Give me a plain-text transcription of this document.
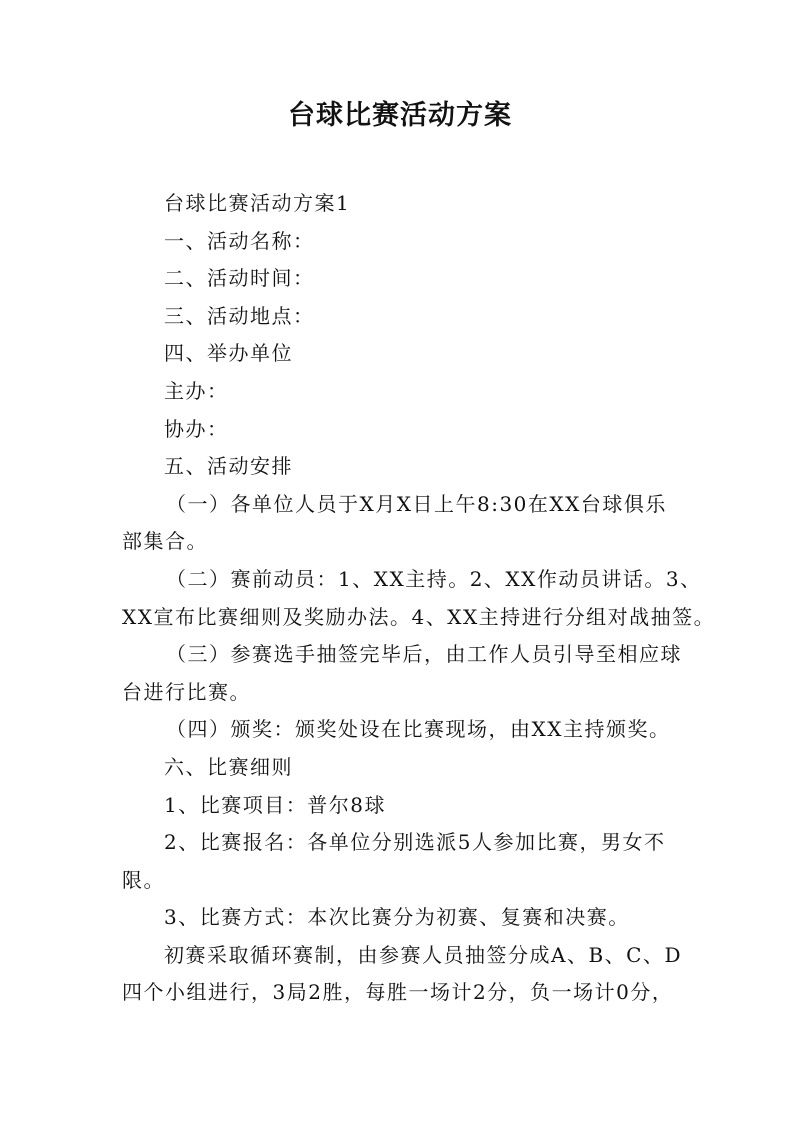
台球比赛活动方案
台球比赛活动方案1
一、活动名称：
二、活动时间：
三、活动地点：
四、举办单位
主办：
协办：
五、活动安排
（一）各单位人员于X月X日上午8:30在XX台球俱乐
部集合。
（二）赛前动员：1、XX主持。2、XX作动员讲话。3、
XX宣布比赛细则及奖励办法。4、XX主持进行分组对战抽签。
（三）参赛选手抽签完毕后，由工作人员引导至相应球
台进行比赛。
（四）颁奖：颁奖处设在比赛现场，由XX主持颁奖。
六、比赛细则
1、比赛项目：普尔8球
2、比赛报名：各单位分别选派5人参加比赛，男女不
限。
3、比赛方式：本次比赛分为初赛、复赛和决赛。
初赛采取循环赛制，由参赛人员抽签分成A、B、C、D
四个小组进行，3局2胜，每胜一场计2分，负一场计0分，
